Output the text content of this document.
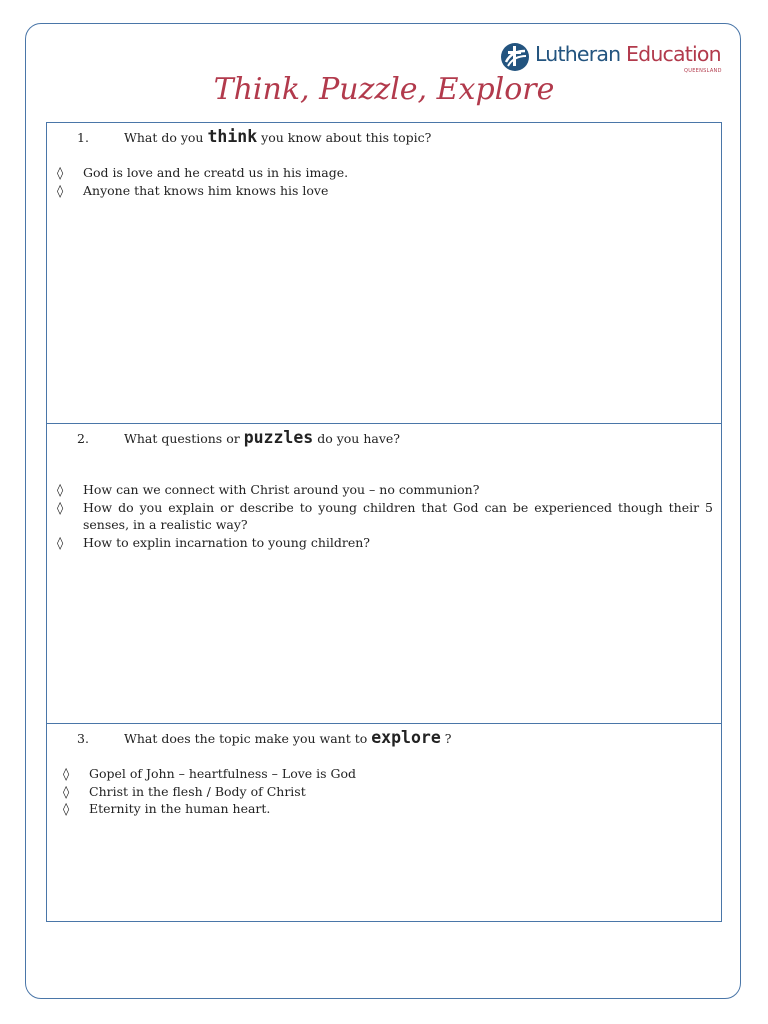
Lutheran Education
QUEENSLAND
Think, Puzzle, Explore
1.	What do you think you know about this topic?
◊	God is love and he creatd us in his image.
◊	Anyone that knows him knows his love
2.	What questions or puzzles do you have?
◊	How can we connect with Christ around you – no communion?
◊	How do you explain or describe to young children that God can be experienced though their 5 senses, in a realistic way?
◊	How to explin incarnation to young children?
3.	What does the topic make you want to explore ?
◊	Gopel of John – heartfulness – Love is God
◊	Christ in the flesh / Body of Christ
◊	Eternity in the human heart.
